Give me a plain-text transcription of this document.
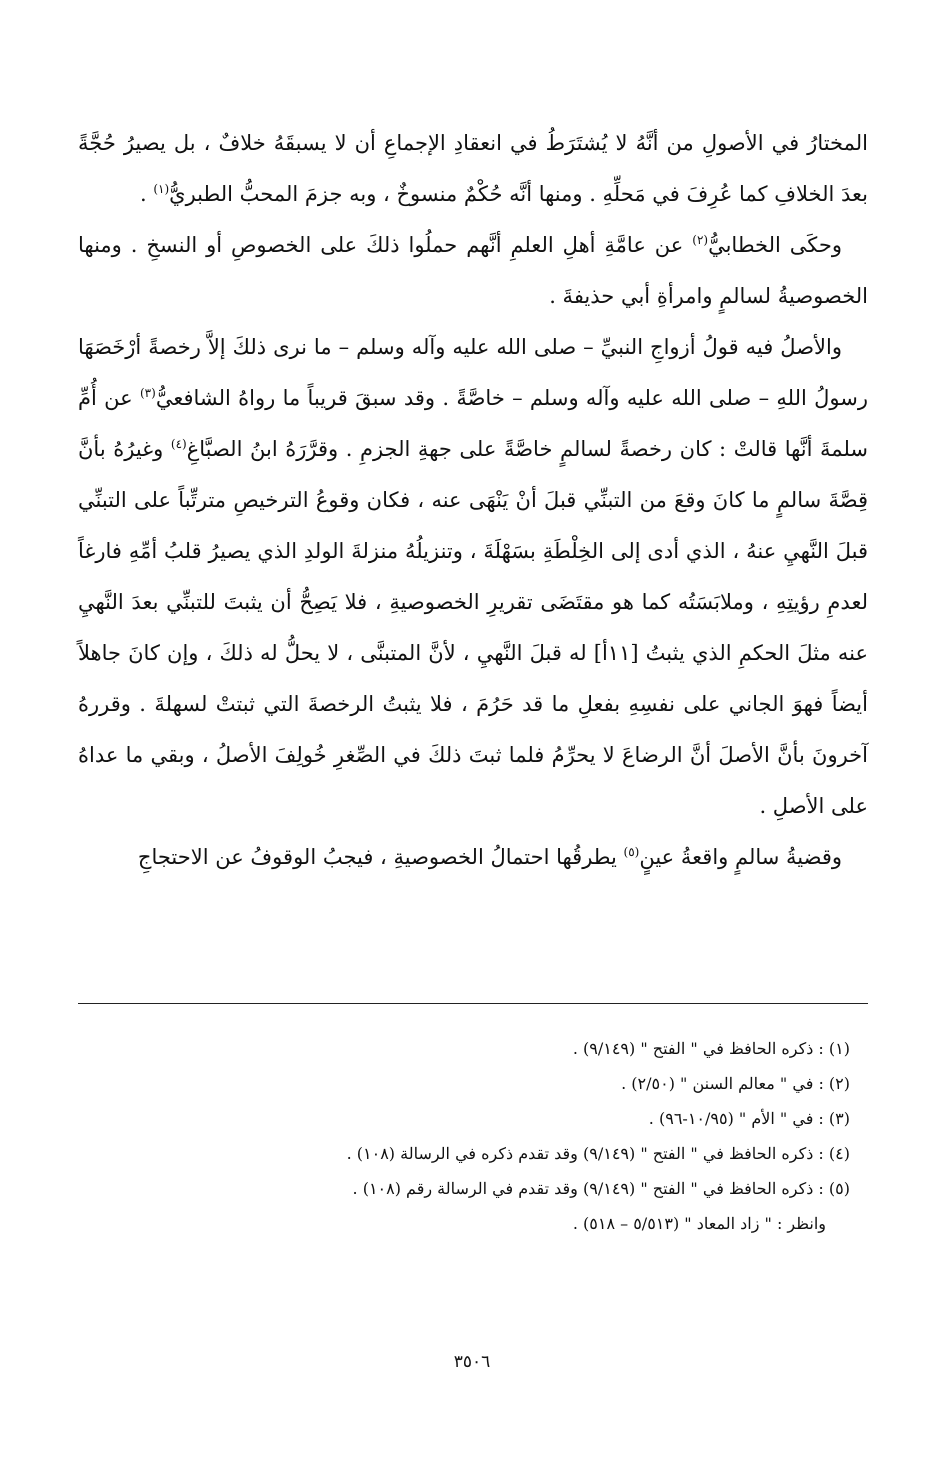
المختارُ في الأصولِ من أنَّهُ لا يُشتَرَطُ في انعقادِ الإجماعِ أن لا يسبقَهُ خلافٌ ، بل يصيرُ حُجَّةً بعدَ الخلافِ كما عُرِفَ في مَحلِّهِ . ومنها أنَّه حُكْمٌ منسوخٌ ، وبه جزمَ المحبُّ الطبريُّ$^{(١)}$ .

وحكَى الخطابيُّ$^{(٢)}$ عن عامَّةِ أهلِ العلمِ أنَّهم حملُوا ذلكَ على الخصوصِ أو النسخِ . ومنها الخصوصيةُ لسالمٍ وامرأةِ أبي حذيفةَ .

والأصلُ فيه قولُ أزواجِ النبيِّ – صلى الله عليه وآله وسلم – ما نرى ذلكَ إلاَّ رخصةً أرْخَصَهَا رسولُ اللهِ – صلى الله عليه وآله وسلم – خاصَّةً . وقد سبقَ قريباً ما رواهُ الشافعيُّ$^{(٣)}$ عن أُمِّ سلمةَ أنَّها قالتْ : كان رخصةً لسالمٍ خاصَّةً على جهةِ الجزمِ . وقرَّرَهُ ابنُ الصبَّاغِ$^{(٤)}$ وغيرُهُ بأنَّ قِصَّةَ سالمٍ ما كانَ وقعَ من التبنِّي قبلَ أنْ يَنْهَى عنه ، فكان وقوعُ الترخيصِ مترتِّباً على التبنِّي قبلَ النَّهيِ عنهُ ، الذي أدى إلى الخِلْطَةِ بسَهْلَةَ ، وتنزيلُهُ منزلةَ الولدِ الذي يصيرُ قلبُ أمِّهِ فارغاً لعدمِ رؤيتِهِ ، وملابَسَتُه كما هو مقتَضَى تقريرِ الخصوصيةِ ، فلا يَصِحُّ أن يثبتَ للتبنِّي بعدَ النَّهيِ عنه مثلَ الحكمِ الذي يثبتُ [١١أ] له قبلَ النَّهيِ ، لأنَّ المتبنَّى ، لا يحلُّ له ذلكَ ، وإن كانَ جاهلاً أيضاً فهوَ الجاني على نفسِهِ بفعلِ ما قد حَرُمَ ، فلا يثبتُ الرخصةَ التي ثبتتْ لسهلةَ . وقررهُ آخرونَ بأنَّ الأصلَ أنَّ الرضاعَ لا يحرِّمُ فلما ثبتَ ذلكَ في الصِّغرِ خُولِفَ الأصلُ ، وبقي ما عداهُ على الأصلِ .

وقضيةُ سالمٍ واقعةُ عينٍ$^{(٥)}$ يطرقُها احتمالُ الخصوصيةِ ، فيجبُ الوقوفُ عن الاحتجاجِ

(١) : ذكره الحافظ في " الفتح " (٩/١٤٩) .
(٢) : في " معالم السنن " (٢/٥٠) .
(٣) : في " الأم " (١٠/٩٥-٩٦) .
(٤) : ذكره الحافظ في " الفتح " (٩/١٤٩) وقد تقدم ذكره في الرسالة (١٠٨) .
(٥) : ذكره الحافظ في " الفتح " (٩/١٤٩) وقد تقدم في الرسالة رقم (١٠٨) .
وانظر : " زاد المعاد " (٥/٥١٣ – ٥١٨) .
٣٥٠٦
